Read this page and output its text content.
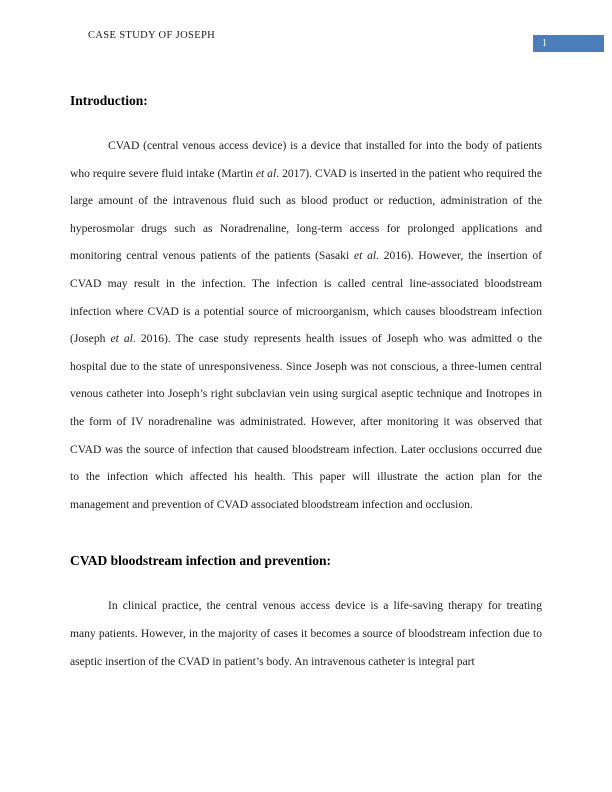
CASE STUDY OF JOSEPH
1
Introduction:

CVAD (central venous access device) is a device that installed for into the body of patients who require severe fluid intake (Martin et al. 2017). CVAD is inserted in the patient who required the large amount of the intravenous fluid such as blood product or reduction, administration of the hyperosmolar drugs such as Noradrenaline, long-term access for prolonged applications and monitoring central venous patients of the patients (Sasaki et al. 2016). However, the insertion of CVAD may result in the infection. The infection is called central line-associated bloodstream infection where CVAD is a potential source of microorganism, which causes bloodstream infection (Joseph et al. 2016). The case study represents health issues of Joseph who was admitted o the hospital due to the state of unresponsiveness. Since Joseph was not conscious, a three-lumen central venous catheter into Joseph’s right subclavian vein using surgical aseptic technique and Inotropes in the form of IV noradrenaline was administrated. However, after monitoring it was observed that CVAD was the source of infection that caused bloodstream infection. Later occlusions occurred due to the infection which affected his health. This paper will illustrate the action plan for the management and prevention of CVAD associated bloodstream infection and occlusion.

CVAD bloodstream infection and prevention:

In clinical practice, the central venous access device is a life-saving therapy for treating many patients. However, in the majority of cases it becomes a source of bloodstream infection due to aseptic insertion of the CVAD in patient’s body. An intravenous catheter is integral part
